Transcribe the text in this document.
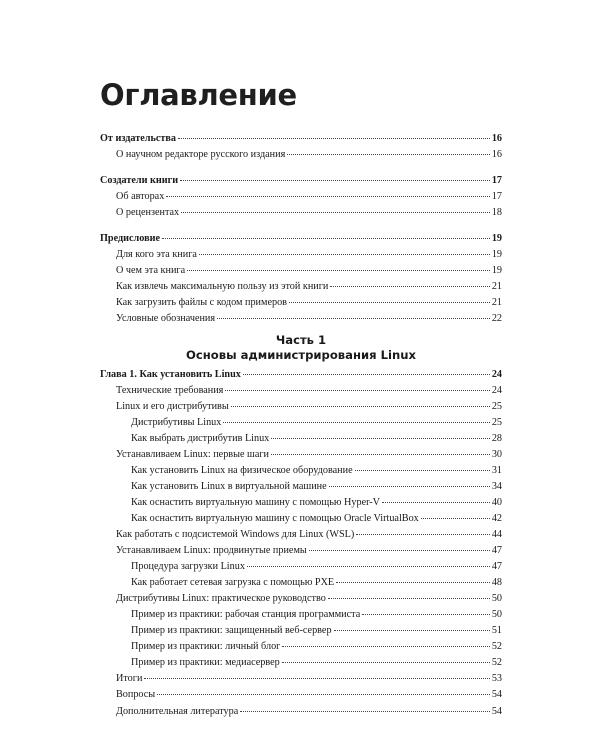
Оглавление
От издательства	16
О научном редакторе русского издания	16
Создатели книги	17
Об авторах	17
О рецензентах	18
Предисловие	19
Для кого эта книга	19
О чем эта книга	19
Как извлечь максимальную пользу из этой книги	21
Как загрузить файлы с кодом примеров	21
Условные обозначения	22
Часть 1
Основы администрирования Linux
Глава 1. Как установить Linux	24
Технические требования	24
Linux и его дистрибутивы	25
Дистрибутивы Linux	25
Как выбрать дистрибутив Linux	28
Устанавливаем Linux: первые шаги	30
Как установить Linux на физическое оборудование	31
Как установить Linux в виртуальной машине	34
Как оснастить виртуальную машину с помощью Hyper-V	40
Как оснастить виртуальную машину с помощью Oracle VirtualBox	42
Как работать с подсистемой Windows для Linux (WSL)	44
Устанавливаем Linux: продвинутые приемы	47
Процедура загрузки Linux	47
Как работает сетевая загрузка с помощью PXE	48
Дистрибутивы Linux: практическое руководство	50
Пример из практики: рабочая станция программиста	50
Пример из практики: защищенный веб-сервер	51
Пример из практики: личный блог	52
Пример из практики: медиасервер	52
Итоги	53
Вопросы	54
Дополнительная литература	54
